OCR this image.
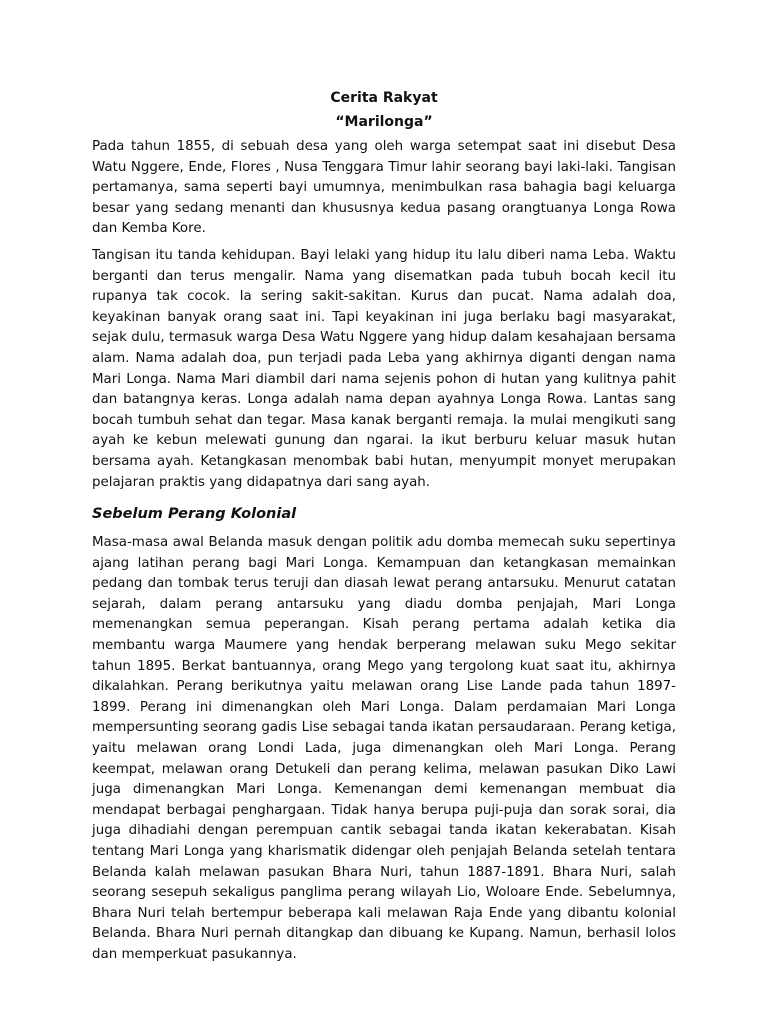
Cerita Rakyat
“Marilonga”

Pada tahun 1855, di sebuah desa yang oleh warga setempat saat ini disebut Desa Watu Nggere, Ende, Flores , Nusa Tenggara Timur lahir seorang bayi laki-laki. Tangisan pertamanya, sama seperti bayi umumnya, menimbulkan rasa bahagia bagi keluarga besar yang sedang menanti dan khususnya kedua pasang orangtuanya Longa Rowa dan Kemba Kore.

Tangisan itu tanda kehidupan. Bayi lelaki yang hidup itu lalu diberi nama Leba. Waktu berganti dan terus mengalir. Nama yang disematkan pada tubuh bocah kecil itu rupanya tak cocok. Ia sering sakit-sakitan. Kurus dan pucat. Nama adalah doa, keyakinan banyak orang saat ini. Tapi keyakinan ini juga berlaku bagi masyarakat, sejak dulu, termasuk warga Desa Watu Nggere yang hidup dalam kesahajaan bersama alam. Nama adalah doa, pun terjadi pada Leba yang akhirnya diganti dengan nama Mari Longa. Nama Mari diambil dari nama sejenis pohon di hutan yang kulitnya pahit dan batangnya keras. Longa adalah nama depan ayahnya Longa Rowa. Lantas sang bocah tumbuh sehat dan tegar. Masa kanak berganti remaja. Ia mulai mengikuti sang ayah ke kebun melewati gunung dan ngarai. Ia ikut berburu keluar masuk hutan bersama ayah. Ketangkasan menombak babi hutan, menyumpit monyet merupakan pelajaran praktis yang didapatnya dari sang ayah.

Sebelum Perang Kolonial

Masa-masa awal Belanda masuk dengan politik adu domba memecah suku sepertinya ajang latihan perang bagi Mari Longa. Kemampuan dan ketangkasan memainkan pedang dan tombak terus teruji dan diasah lewat perang antarsuku. Menurut catatan sejarah, dalam perang antarsuku yang diadu domba penjajah, Mari Longa memenangkan semua peperangan. Kisah perang pertama adalah ketika dia membantu warga Maumere yang hendak berperang melawan suku Mego sekitar tahun 1895. Berkat bantuannya, orang Mego yang tergolong kuat saat itu, akhirnya dikalahkan. Perang berikutnya yaitu melawan orang Lise Lande pada tahun 1897-1899. Perang ini dimenangkan oleh Mari Longa. Dalam perdamaian Mari Longa mempersunting seorang gadis Lise sebagai tanda ikatan persaudaraan. Perang ketiga, yaitu melawan orang Londi Lada, juga dimenangkan oleh Mari Longa. Perang keempat, melawan orang Detukeli dan perang kelima, melawan pasukan Diko Lawi juga dimenangkan Mari Longa. Kemenangan demi kemenangan membuat dia mendapat berbagai penghargaan. Tidak hanya berupa puji-puja dan sorak sorai, dia juga dihadiahi dengan perempuan cantik sebagai tanda ikatan kekerabatan. Kisah tentang Mari Longa yang kharismatik didengar oleh penjajah Belanda setelah tentara Belanda kalah melawan pasukan Bhara Nuri, tahun 1887-1891. Bhara Nuri, salah seorang sesepuh sekaligus panglima perang wilayah Lio, Woloare Ende. Sebelumnya, Bhara Nuri telah bertempur beberapa kali melawan Raja Ende yang dibantu kolonial Belanda. Bhara Nuri pernah ditangkap dan dibuang ke Kupang. Namun, berhasil lolos dan memperkuat pasukannya.
